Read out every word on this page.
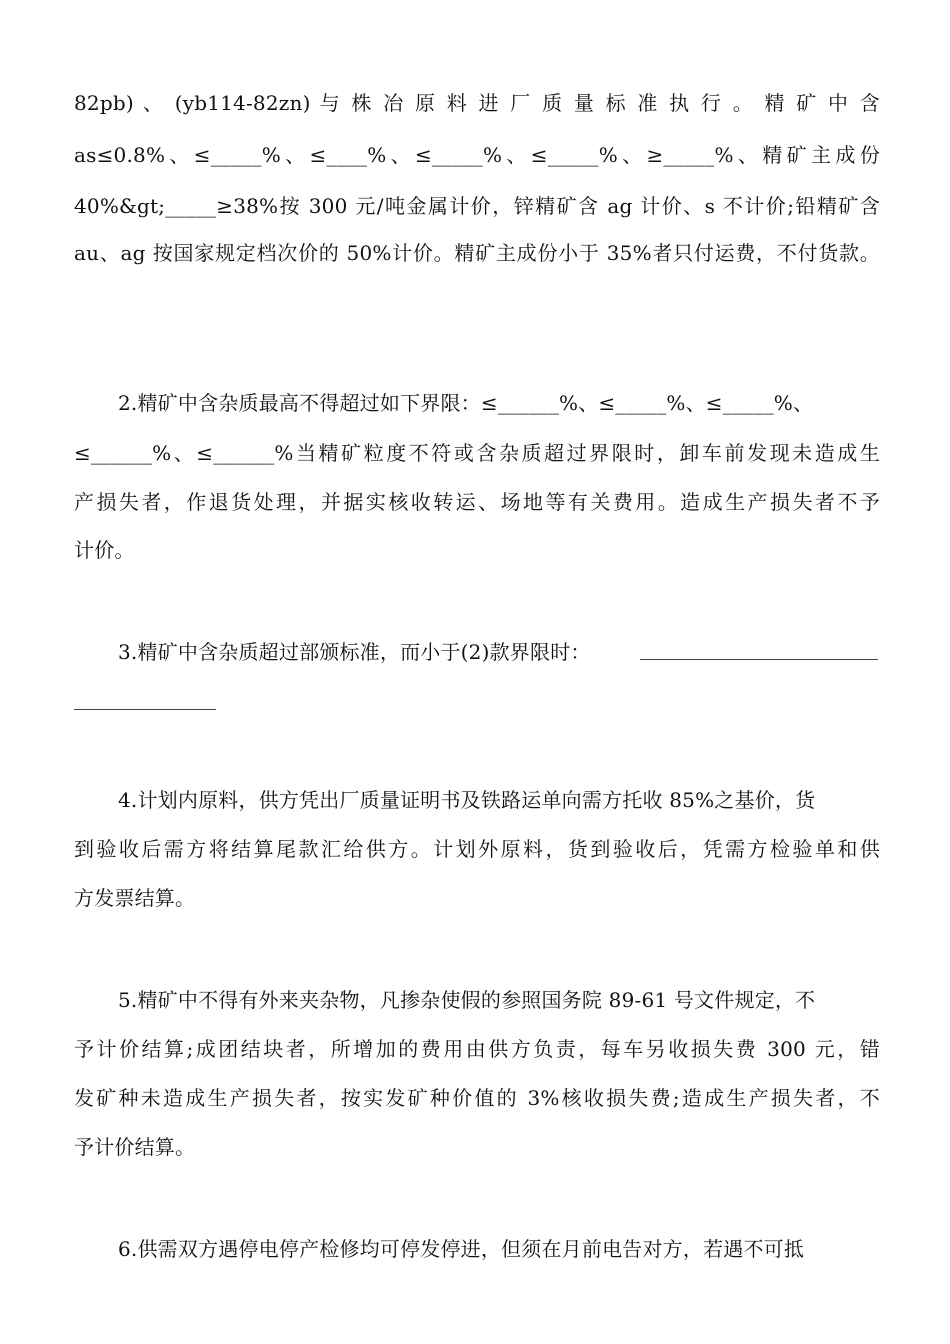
82pb) 、 (yb114-82zn) 与 株 冶 原 料 进 厂 质 量 标 准 执 行 。 精 矿 中 含
as≤0.8%、≤_____%、≤____%、≤_____%、≤_____%、≥_____%、精矿主成份
40%&gt;_____≥38%按 300 元/吨金属计价，锌精矿含 ag 计价、s 不计价;铅精矿含
au、ag 按国家规定档次价的 50%计价。精矿主成份小于 35%者只付运费，不付货款。
2.精矿中含杂质最高不得超过如下界限：≤______%、≤_____%、≤_____%、
≤______%、≤______%当精矿粒度不符或含杂质超过界限时，卸车前发现未造成生
产损失者，作退货处理，并据实核收转运、场地等有关费用。造成生产损失者不予
计价。
3.精矿中含杂质超过部颁标准，而小于(2)款界限时：
4.计划内原料，供方凭出厂质量证明书及铁路运单向需方托收 85%之基价，货
到验收后需方将结算尾款汇给供方。计划外原料，货到验收后，凭需方检验单和供
方发票结算。
5.精矿中不得有外来夹杂物，凡掺杂使假的参照国务院 89-61 号文件规定，不
予计价结算;成团结块者，所增加的费用由供方负责，每车另收损失费 300 元，错
发矿种未造成生产损失者，按实发矿种价值的 3%核收损失费;造成生产损失者，不
予计价结算。
6.供需双方遇停电停产检修均可停发停进，但须在月前电告对方，若遇不可抵
